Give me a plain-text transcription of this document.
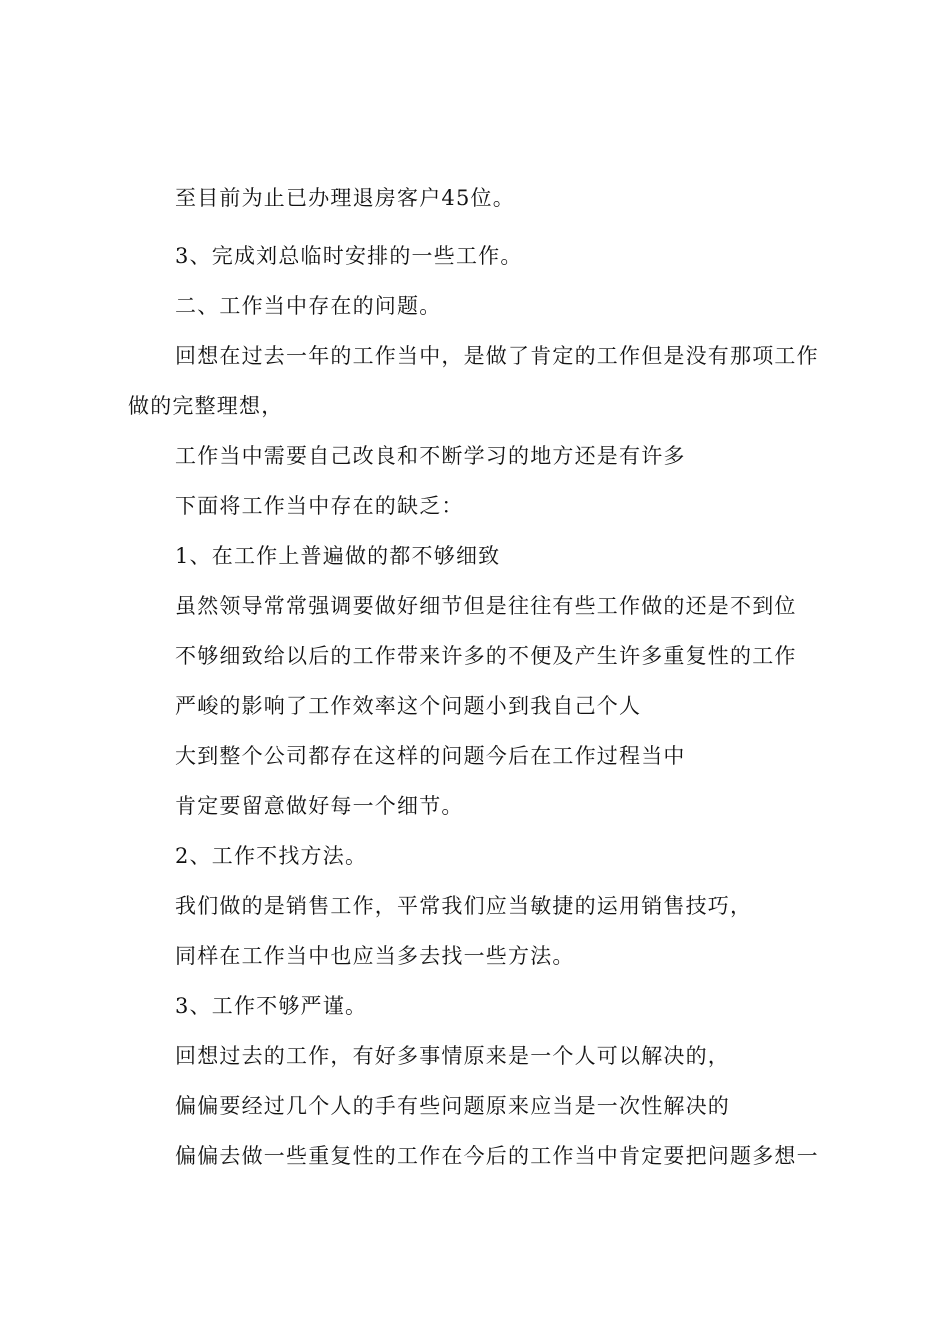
至目前为止已办理退房客户45位。
3、完成刘总临时安排的一些工作。
二、工作当中存在的问题。
回想在过去一年的工作当中，是做了肯定的工作但是没有那项工作
做的完整理想，
工作当中需要自己改良和不断学习的地方还是有许多
下面将工作当中存在的缺乏：
1、在工作上普遍做的都不够细致
虽然领导常常强调要做好细节但是往往有些工作做的还是不到位
不够细致给以后的工作带来许多的不便及产生许多重复性的工作
严峻的影响了工作效率这个问题小到我自己个人
大到整个公司都存在这样的问题今后在工作过程当中
肯定要留意做好每一个细节。
2、工作不找方法。
我们做的是销售工作，平常我们应当敏捷的运用销售技巧，
同样在工作当中也应当多去找一些方法。
3、工作不够严谨。
回想过去的工作，有好多事情原来是一个人可以解决的，
偏偏要经过几个人的手有些问题原来应当是一次性解决的
偏偏去做一些重复性的工作在今后的工作当中肯定要把问题多想一
